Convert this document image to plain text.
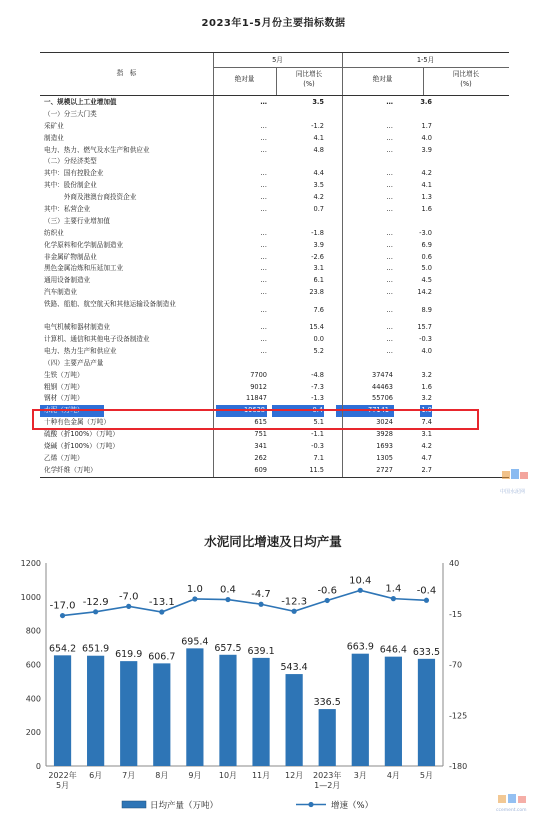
2023年1-5月份主要指标数据
指　标
5月	1-5月
绝对量
同比增长
(%)
绝对量
同比增长
(%)
一、规模以上工业增加值	…	3.5	…	3.6
（一）分三大门类
采矿业	…	-1.2	…	1.7
制造业	…	4.1	…	4.0
电力、热力、燃气及水生产和供应业	…	4.8	…	3.9
（二）分经济类型
其中：国有控股企业	…	4.4	…	4.2
其中：股份制企业	…	3.5	…	4.1
　　　外商及港澳台商投资企业	…	4.2	…	1.3
其中：私营企业	…	0.7	…	1.6
（三）主要行业增加值
纺织业	…	-1.8	…	-3.0
化学原料和化学制品制造业	…	3.9	…	6.9
非金属矿物制品业	…	-2.6	…	0.6
黑色金属冶炼和压延加工业	…	3.1	…	5.0
通用设备制造业	…	6.1	…	4.5
汽车制造业	…	23.8	…	14.2
铁路、船舶、航空航天和其他运输设备制造业
…	7.6	…	8.9
电气机械和器材制造业	…	15.4	…	15.7
计算机、通信和其他电子设备制造业	…	0.0	…	-0.3
电力、热力生产和供应业	…	5.2	…	4.0
（四）主要产品产量
生铁（万吨）	7700	-4.8	37474	3.2
粗钢（万吨）	9012	-7.3	44463	1.6
钢材（万吨）	11847	-1.3	55706	3.2
水泥（万吨）	19638	-0.4	77141	1.9
十种有色金属（万吨）	615	5.1	3024	7.4
硫酸（折100%）（万吨）	751	-1.1	3928	3.1
烧碱（折100%）（万吨）	341	-0.3	1693	4.2
乙烯（万吨）	262	7.1	1305	4.7
化学纤维（万吨）	609	11.5	2727	2.7
中国水泥网
水泥同比增速及日均产量
0
200
400
600
800
1000
1200
-180
-125
-70
-15
40
654.2 651.9 619.9 606.7
695.4
657.5 639.1
543.4
336.5
663.9 646.4 633.5
-17.0 -12.9 -7.0
-13.1
1.0 0.4 -4.7
-12.3
-0.6
10.4
1.4 -0.4
2022年 5月
6月 7月 8月 9月 10月 11月 12月 2023年 1—2月
3月 4月 5月
日均产量（万吨）	增速（%）	ccement.com
